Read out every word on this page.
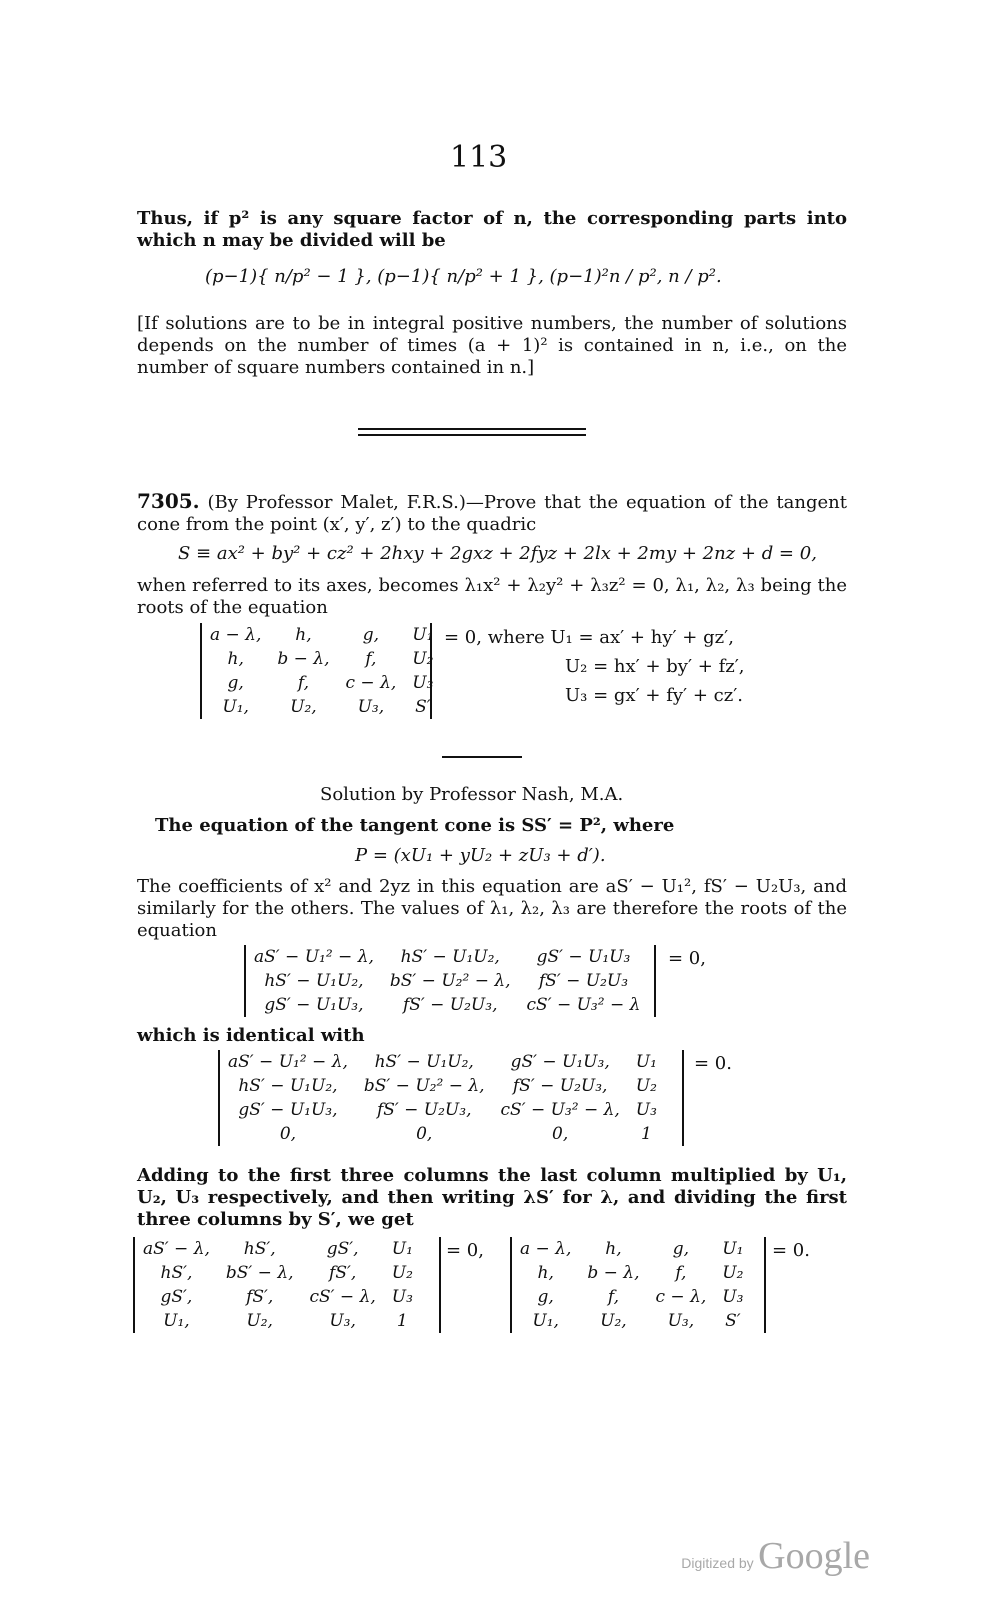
113
Thus, if p² is any square factor of n, the corresponding parts into which n may be divided will be
(p−1){ n/p² − 1 }, (p−1){ n/p² + 1 }, (p−1)²n / p², n / p².
[If solutions are to be in integral positive numbers, the number of solutions depends on the number of times (a + 1)² is contained in n, i.e., on the number of square numbers contained in n.]
7305. (By Professor Malet, F.R.S.)—Prove that the equation of the tangent cone from the point (x′, y′, z′) to the quadric
S ≡ ax² + by² + cz² + 2hxy + 2gxz + 2fyz + 2lx + 2my + 2nz + d = 0,
when referred to its axes, becomes λ₁x² + λ₂y² + λ₃z² = 0, λ₁, λ₂, λ₃ being the roots of the equation
a − λ,	h,	g,	U₁
h,	b − λ,	f,	U₂
g,	f,	c − λ,	U₃
U₁,	U₂,	U₃,	S′
= 0, where U₁ = ax′ + hy′ + gz′,
U₂ = hx′ + by′ + fz′,
U₃ = gx′ + fy′ + cz′.
Solution by Professor Nash, M.A.
The equation of the tangent cone is SS′ = P², where
P = (xU₁ + yU₂ + zU₃ + d′).
The coefficients of x² and 2yz in this equation are aS′ − U₁², fS′ − U₂U₃, and similarly for the others. The values of λ₁, λ₂, λ₃ are therefore the roots of the equation
aS′ − U₁² − λ,	hS′ − U₁U₂,	gS′ − U₁U₃
hS′ − U₁U₂,	bS′ − U₂² − λ,	fS′ − U₂U₃
gS′ − U₁U₃,	fS′ − U₂U₃,	cS′ − U₃² − λ
= 0,
which is identical with
aS′ − U₁² − λ,	hS′ − U₁U₂,	gS′ − U₁U₃,	U₁
hS′ − U₁U₂,	bS′ − U₂² − λ,	fS′ − U₂U₃,	U₂
gS′ − U₁U₃,	fS′ − U₂U₃,	cS′ − U₃² − λ,	U₃
0,	0,	0,	1
= 0.
Adding to the first three columns the last column multiplied by U₁, U₂, U₃ respectively, and then writing λS′ for λ, and dividing the first three columns by S′, we get
aS′ − λ,	hS′,	gS′,	U₁
hS′,	bS′ − λ,	fS′,	U₂
gS′,	fS′,	cS′ − λ,	U₃
U₁,	U₂,	U₃,	1
= 0, a − λ,	h,	g,	U₁
h,	b − λ,	f,	U₂
g,	f,	c − λ,	U₃
U₁,	U₂,	U₃,	S′
= 0.
Digitized by Google
